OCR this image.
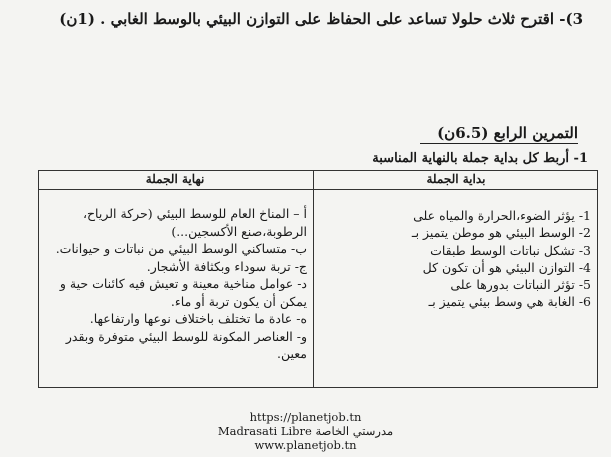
3)- اقترح ثلاث حلولا تساعد على الحفاظ على التوازن البيئي بالوسط الغابي . (1ن)
التمرين الرابع (6.5ن)
1- أربط كل بداية جملة بالنهاية المناسبة
بداية الجملة
نهاية الجملة

1- يؤثر الضوء،الحرارة والمياه على

2- الوسط البيئي هو موطن يتميز بـ

3- تشكل نباتات الوسط طبقات

4- التوازن البيئي هو أن تكون كل

5- تؤثر النباتات بدورها على

6- الغابة هي وسط بيئي يتميز بـ

أ – المناخ العام للوسط البيئي (حركة الرياح، الرطوبة،صنع الأكسجين...)

ب- متساكني الوسط البيئي من نباتات و حيوانات.

ج- تربة سوداء وبكثافة الأشجار.

د- عوامل مناخية معينة و تعيش فيه كائنات حية و يمكن أن يكون تربة أو ماء.

ه- عادة ما تختلف باختلاف نوعها وارتفاعها.

و- العناصر المكونة للوسط البيئي متوفرة وبقدر معين.

https://planetjob.tn
مدرستي الخاصة Madrasati Libre
www.planetjob.tn
